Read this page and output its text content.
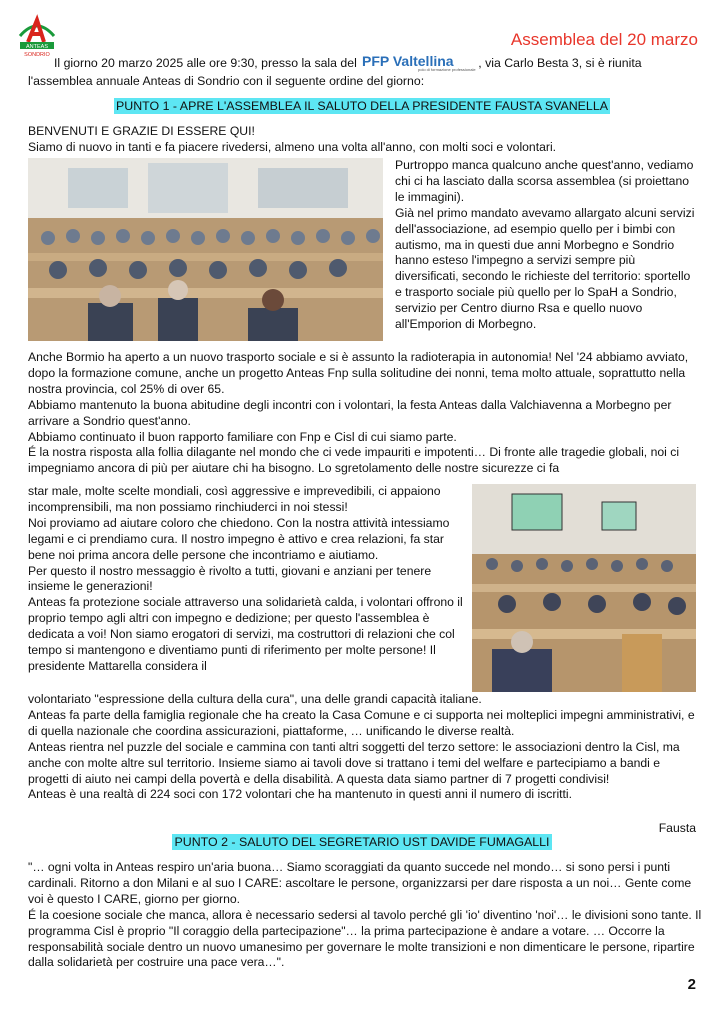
ANTEAS
SONDRIO
Assemblea del 20 marzo
Il giorno 20 marzo 2025 alle ore 9:30, presso la sala del PFP Valtellina
polo di formazione professionale , via Carlo Besta 3, si è riunita l'assemblea annuale Anteas di Sondrio con il seguente ordine del giorno:
PUNTO 1 - APRE L'ASSEMBLEA IL SALUTO DELLA PRESIDENTE FAUSTA SVANELLA

BENVENUTI E GRAZIE DI ESSERE QUI!

Siamo di nuovo in tanti e fa piacere rivedersi, almeno una volta all'anno, con molti soci e volontari.

Purtroppo manca qualcuno anche quest'anno, vediamo chi ci ha lasciato dalla scorsa assemblea (si proiettano le immagini).

Già nel primo mandato avevamo allargato alcuni servizi dell'associazione, ad esempio quello per i bimbi con autismo, ma in questi due anni Morbegno e Sondrio hanno esteso l'impegno a servizi sempre più diversificati, secondo le richieste del territorio: sportello e trasporto sociale più quello per lo SpaH a Sondrio, servizio per Centro diurno Rsa e quello nuovo all'Emporion di Morbegno.

Anche Bormio ha aperto a un nuovo trasporto sociale e si è assunto la radioterapia in autonomia! Nel '24 abbiamo avviato, dopo la formazione comune, anche un progetto Anteas Fnp sulla solitudine dei nonni, tema molto attuale, soprattutto nella nostra provincia, col 25% di over 65.

Abbiamo mantenuto la buona abitudine degli incontri con i volontari, la festa Anteas dalla Valchiavenna a Morbegno per arrivare a Sondrio quest'anno.

Abbiamo continuato il buon rapporto familiare con Fnp e Cisl di cui siamo parte.

É la nostra risposta alla follia dilagante nel mondo che ci vede impauriti e impotenti… Di fronte alle tragedie globali, noi ci impegniamo ancora di più per aiutare chi ha bisogno. Lo sgretolamento delle nostre sicurezze ci fa

star male, molte scelte mondiali, così aggressive e imprevedibili, ci appaiono incomprensibili, ma non possiamo rinchiuderci in noi stessi!

Noi proviamo ad aiutare coloro che chiedono. Con la nostra attività intessiamo legami e ci prendiamo cura. Il nostro impegno è attivo e crea relazioni, fa star bene noi prima ancora delle persone che incontriamo e aiutiamo.

Per questo il nostro messaggio è rivolto a tutti, giovani e anziani per tenere insieme le generazioni!

Anteas fa protezione sociale attraverso una solidarietà calda, i volontari offrono il proprio tempo agli altri con impegno e dedizione; per questo l'assemblea è dedicata a voi! Non siamo erogatori di servizi, ma costruttori di relazioni che col tempo si mantengono e diventiamo punti di riferimento per molte persone! Il presidente Mattarella considera il

volontariato "espressione della cultura della cura", una delle grandi capacità italiane.

Anteas fa parte della famiglia regionale che ha creato la Casa Comune e ci supporta nei molteplici impegni amministrativi, e di quella nazionale che coordina assicurazioni, piattaforme, … unificando le diverse realtà.

Anteas rientra nel puzzle del sociale e cammina con tanti altri soggetti del terzo settore: le associazioni dentro la Cisl, ma anche con molte altre sul territorio. Insieme siamo ai tavoli dove si trattano i temi del welfare e partecipiamo a bandi e progetti di aiuto nei campi della povertà e della disabilità. A questa data siamo partner di 7 progetti condivisi!

Anteas è una realtà di 224 soci con 172 volontari che ha mantenuto in questi anni il numero di iscritti.

Fausta
PUNTO 2 - SALUTO DEL SEGRETARIO UST DAVIDE FUMAGALLI

"… ogni volta in Anteas respiro un'aria buona… Siamo scoraggiati da quanto succede nel mondo… si sono persi i punti cardinali. Ritorno a don Milani e al suo I CARE: ascoltare le persone, organizzarsi per dare risposta a un noi… Gente come voi è questo I CARE, giorno per giorno.

É la coesione sociale che manca, allora è necessario sedersi al tavolo perché gli 'io' diventino 'noi'… le divisioni sono tante. Il programma Cisl è proprio "Il coraggio della partecipazione"… la prima partecipazione è andare a votare. … Occorre la responsabilità sociale dentro un nuovo umanesimo per governare le molte transizioni e non dimenticare le persone, ripartire dalla solidarietà per costruire una pace vera…".

2
